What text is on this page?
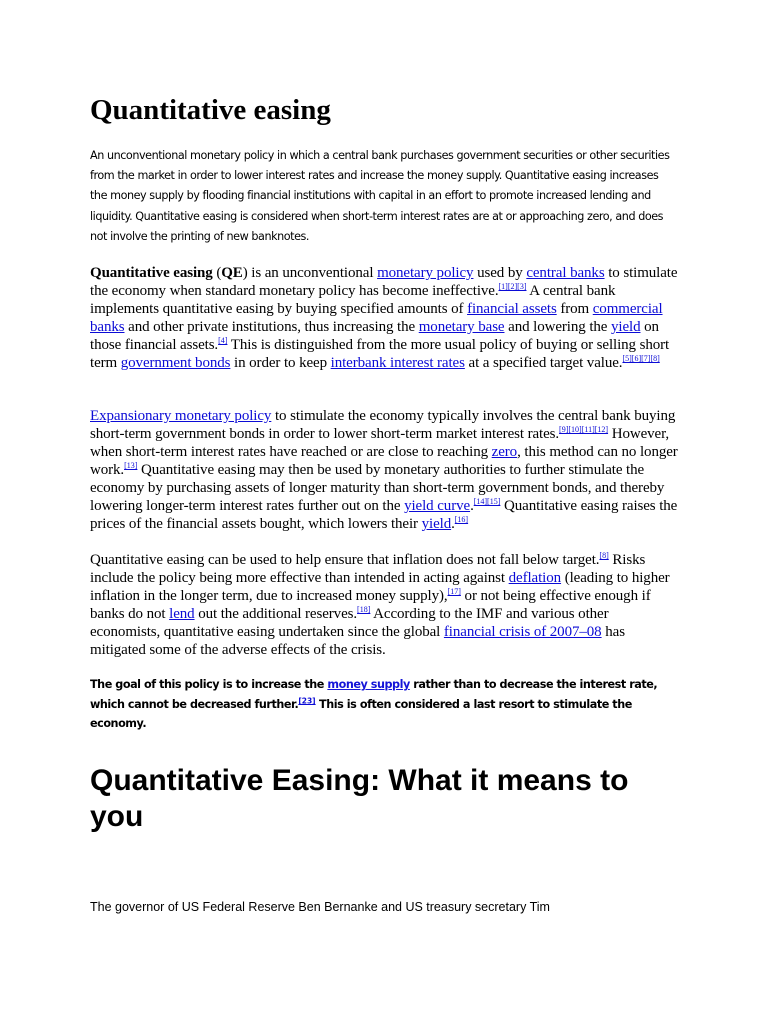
Quantitative easing

An unconventional monetary policy in which a central bank purchases government securities or other securities from the market in order to lower interest rates and increase the money supply. Quantitative easing increases the money supply by flooding financial institutions with capital in an effort to promote increased lending and liquidity. Quantitative easing is considered when short-term interest rates are at or approaching zero, and does not involve the printing of new banknotes.

Quantitative easing (QE) is an unconventional monetary policy used by central banks to stimulate the economy when standard monetary policy has become ineffective.[1][2][3] A central bank implements quantitative easing by buying specified amounts of financial assets from commercial banks and other private institutions, thus increasing the monetary base and lowering the yield on those financial assets.[4] This is distinguished from the more usual policy of buying or selling short term government bonds in order to keep interbank interest rates at a specified target value.[5][6][7][8]

Expansionary monetary policy to stimulate the economy typically involves the central bank buying short-term government bonds in order to lower short-term market interest rates.[9][10][11][12] However, when short-term interest rates have reached or are close to reaching zero, this method can no longer work.[13] Quantitative easing may then be used by monetary authorities to further stimulate the economy by purchasing assets of longer maturity than short-term government bonds, and thereby lowering longer-term interest rates further out on the yield curve.[14][15] Quantitative easing raises the prices of the financial assets bought, which lowers their yield.[16]

Quantitative easing can be used to help ensure that inflation does not fall below target.[8] Risks include the policy being more effective than intended in acting against deflation (leading to higher inflation in the longer term, due to increased money supply),[17] or not being effective enough if banks do not lend out the additional reserves.[18] According to the IMF and various other economists, quantitative easing undertaken since the global financial crisis of 2007–08 has mitigated some of the adverse effects of the crisis.

The goal of this policy is to increase the money supply rather than to decrease the interest rate, which cannot be decreased further.[23] This is often considered a last resort to stimulate the economy.

Quantitative Easing: What it means to you

The governor of US Federal Reserve Ben Bernanke and US treasury secretary Tim
